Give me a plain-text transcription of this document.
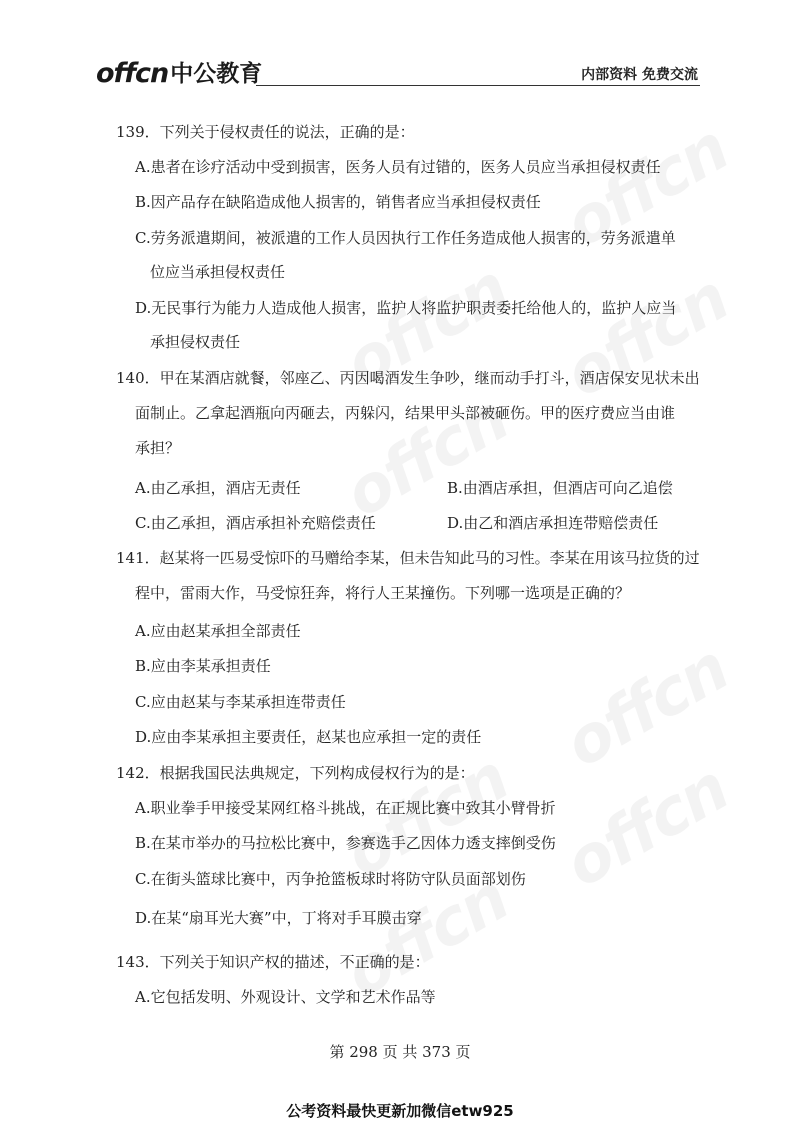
offcn 中公教育	内部资料 免费交流
139．下列关于侵权责任的说法，正确的是：
A.患者在诊疗活动中受到损害，医务人员有过错的，医务人员应当承担侵权责任
B.因产品存在缺陷造成他人损害的，销售者应当承担侵权责任
C.劳务派遣期间，被派遣的工作人员因执行工作任务造成他人损害的，劳务派遣单
位应当承担侵权责任
D.无民事行为能力人造成他人损害，监护人将监护职责委托给他人的，监护人应当
承担侵权责任
140．甲在某酒店就餐，邻座乙、丙因喝酒发生争吵，继而动手打斗，酒店保安见状未出
面制止。乙拿起酒瓶向丙砸去，丙躲闪，结果甲头部被砸伤。甲的医疗费应当由谁
承担？
A.由乙承担，酒店无责任	B.由酒店承担，但酒店可向乙追偿
C.由乙承担，酒店承担补充赔偿责任	D.由乙和酒店承担连带赔偿责任
141．赵某将一匹易受惊吓的马赠给李某，但未告知此马的习性。李某在用该马拉货的过
程中，雷雨大作，马受惊狂奔，将行人王某撞伤。下列哪一选项是正确的？
A.应由赵某承担全部责任
B.应由李某承担责任
C.应由赵某与李某承担连带责任
D.应由李某承担主要责任，赵某也应承担一定的责任
142．根据我国民法典规定，下列构成侵权行为的是：
A.职业拳手甲接受某网红格斗挑战，在正规比赛中致其小臂骨折
B.在某市举办的马拉松比赛中，参赛选手乙因体力透支摔倒受伤
C.在街头篮球比赛中，丙争抢篮板球时将防守队员面部划伤
D.在某“扇耳光大赛”中，丁将对手耳膜击穿
143．下列关于知识产权的描述，不正确的是：
A.它包括发明、外观设计、文学和艺术作品等
第 298 页 共 373 页
公考资料最快更新加微信etw925
